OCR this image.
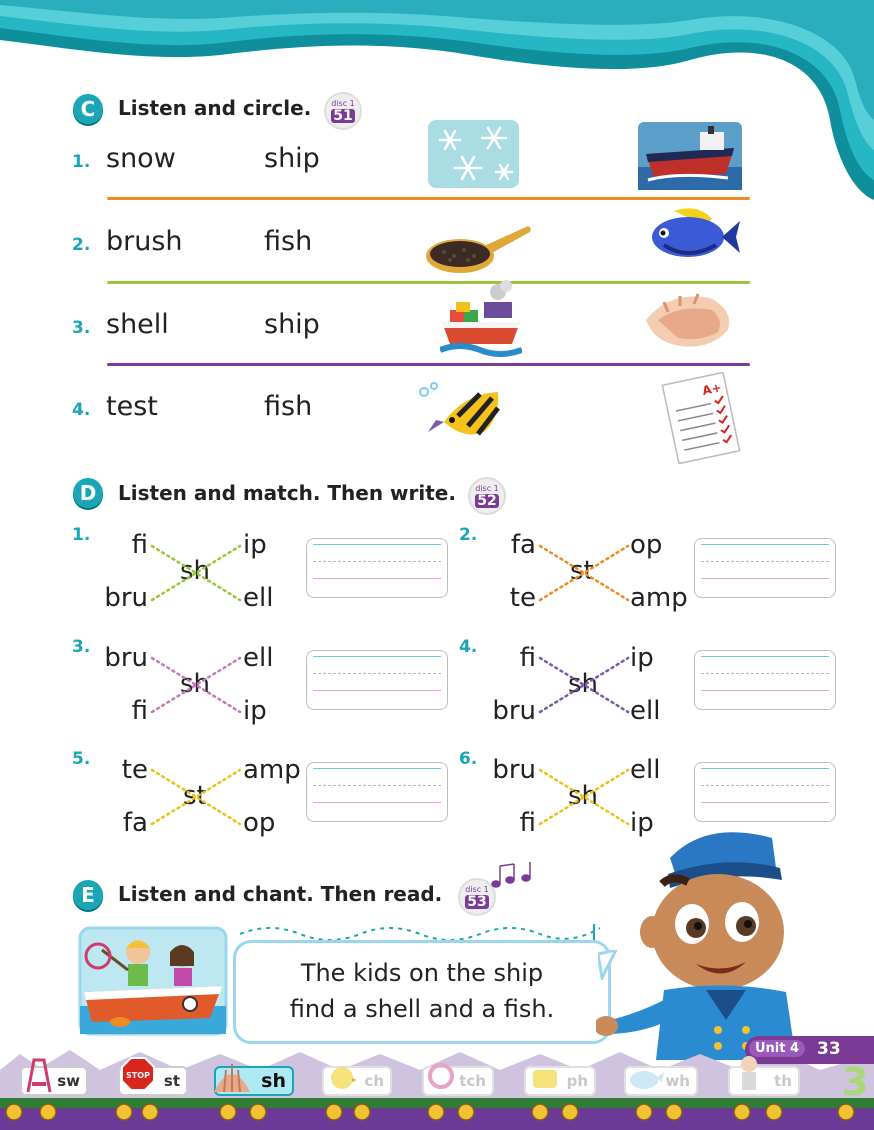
C Listen and circle. disc 1
51
1. snow	ship
2. brush	fish
3. shell	ship
4. test	fish
A+
D Listen and match. Then write. disc 1
52
1.	fi
bru
sh
ip
ell
2.	fa
te
st
op
amp
3. bru
fi
sh
ell
ip
4.	fi
bru
sh
ip
ell
5.	te
fa
st
amp
op
6. bru
fi
sh
ell
ip
E Listen and chant. Then read.	disc 1
53
The kids on the ship
find a shell and a fish.
Unit 4	33
3
sw	STOP st	sh	ch	tch	ph	wh	th
